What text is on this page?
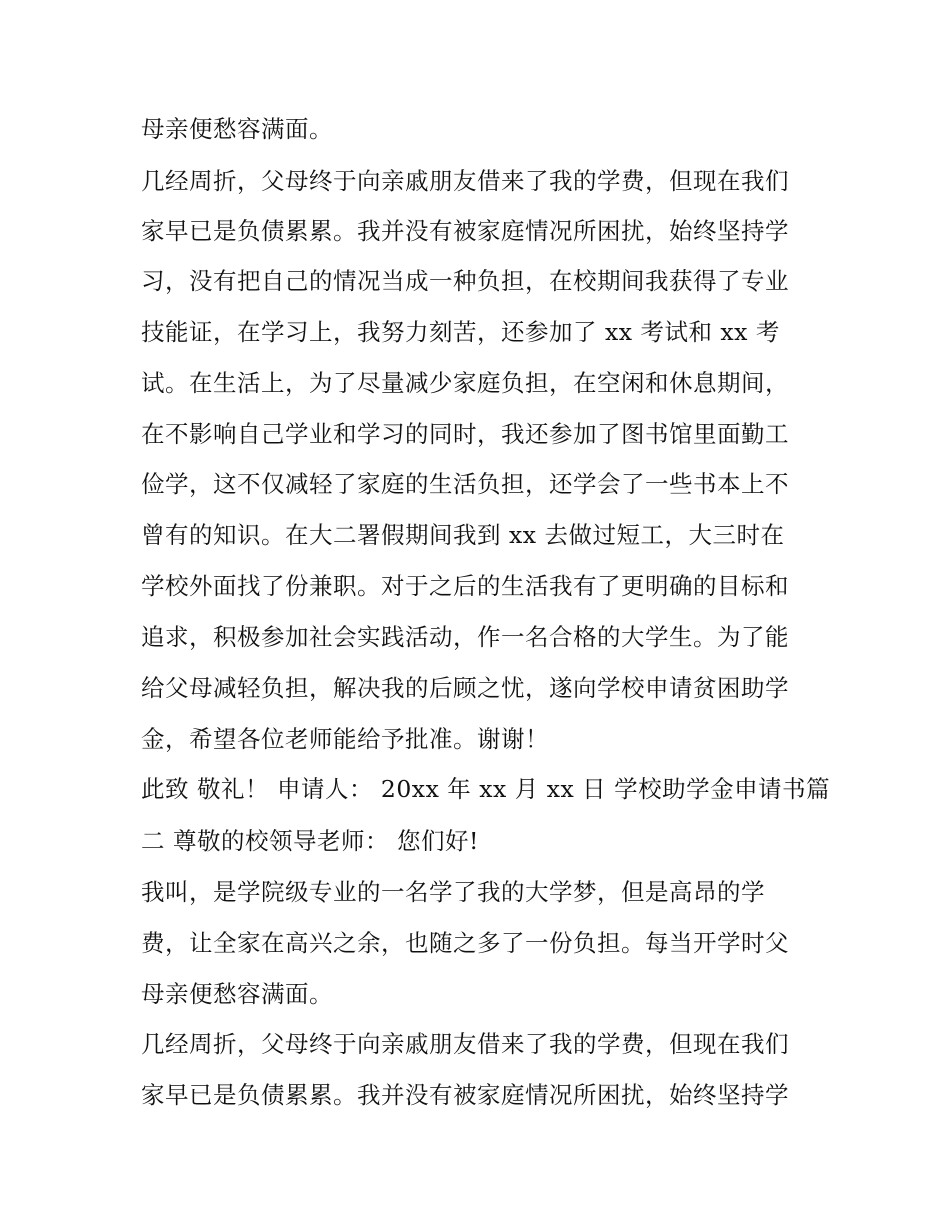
母亲便愁容满面。
几经周折，父母终于向亲戚朋友借来了我的学费，但现在我们
家早已是负债累累。我并没有被家庭情况所困扰，始终坚持学
习，没有把自己的情况当成一种负担，在校期间我获得了专业
技能证，在学习上，我努力刻苦，还参加了 xx 考试和 xx 考
试。在生活上，为了尽量减少家庭负担，在空闲和休息期间，
在不影响自己学业和学习的同时，我还参加了图书馆里面勤工
俭学，这不仅减轻了家庭的生活负担，还学会了一些书本上不
曾有的知识。在大二署假期间我到 xx 去做过短工，大三时在
学校外面找了份兼职。对于之后的生活我有了更明确的目标和
追求，积极参加社会实践活动，作一名合格的大学生。为了能
给父母减轻负担，解决我的后顾之忧，遂向学校申请贫困助学
金，希望各位老师能给予批准。谢谢！
此致 敬礼！ 申请人： 20xx 年 xx 月 xx 日 学校助学金申请书篇
二 尊敬的校领导老师： 您们好!
我叫，是学院级专业的一名学了我的大学梦，但是高昂的学
费，让全家在高兴之余，也随之多了一份负担。每当开学时父
母亲便愁容满面。
几经周折，父母终于向亲戚朋友借来了我的学费，但现在我们
家早已是负债累累。我并没有被家庭情况所困扰，始终坚持学
